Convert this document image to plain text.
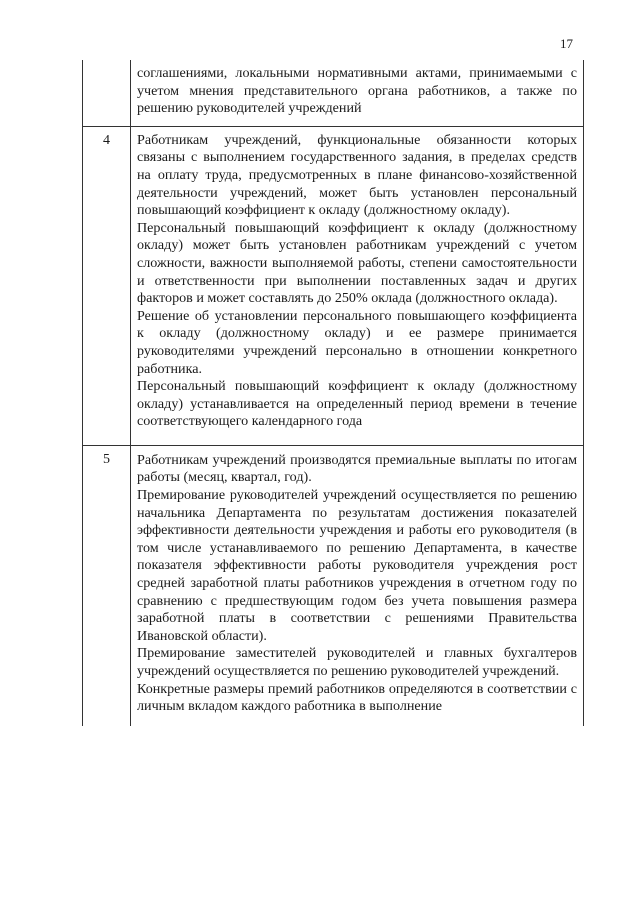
17

	соглашениями, локальными нормативными актами, принимаемыми с учетом мнения представительного органа работников, а также по решению руководителей учреждений

4	Работникам учреждений, функциональные обязанности которых связаны с выполнением государственного задания, в пределах средств на оплату труда, предусмотренных в плане финансово-хозяйственной деятельности учреждений, может быть установлен персональный повышающий коэффициент к окладу (должностному окладу).

Персональный повышающий коэффициент к окладу (должностному окладу) может быть установлен работникам учреждений с учетом сложности, важности выполняемой работы, степени самостоятельности и ответственности при выполнении поставленных задач и других факторов и может составлять до 250% оклада (должностного оклада).

Решение об установлении персонального повышающего коэффициента к окладу (должностному окладу) и ее размере принимается руководителями учреждений персонально в отношении конкретного работника.

Персональный повышающий коэффициент к окладу (должностному окладу) устанавливается на определенный период времени в течение соответствующего календарного года

5	Работникам учреждений производятся премиальные выплаты по итогам работы (месяц, квартал, год).

Премирование руководителей учреждений осуществляется по решению начальника Департамента по результатам достижения показателей эффективности деятельности учреждения и работы его руководителя (в том числе устанавливаемого по решению Департамента, в качестве показателя эффективности работы руководителя учреждения рост средней заработной платы работников учреждения в отчетном году по сравнению с предшествующим годом без учета повышения размера заработной платы в соответствии с решениями Правительства Ивановской области).

Премирование заместителей руководителей и главных бухгалтеров учреждений осуществляется по решению руководителей учреждений.

Конкретные размеры премий работников определяются в соответствии с личным вкладом каждого работника в выполнение
